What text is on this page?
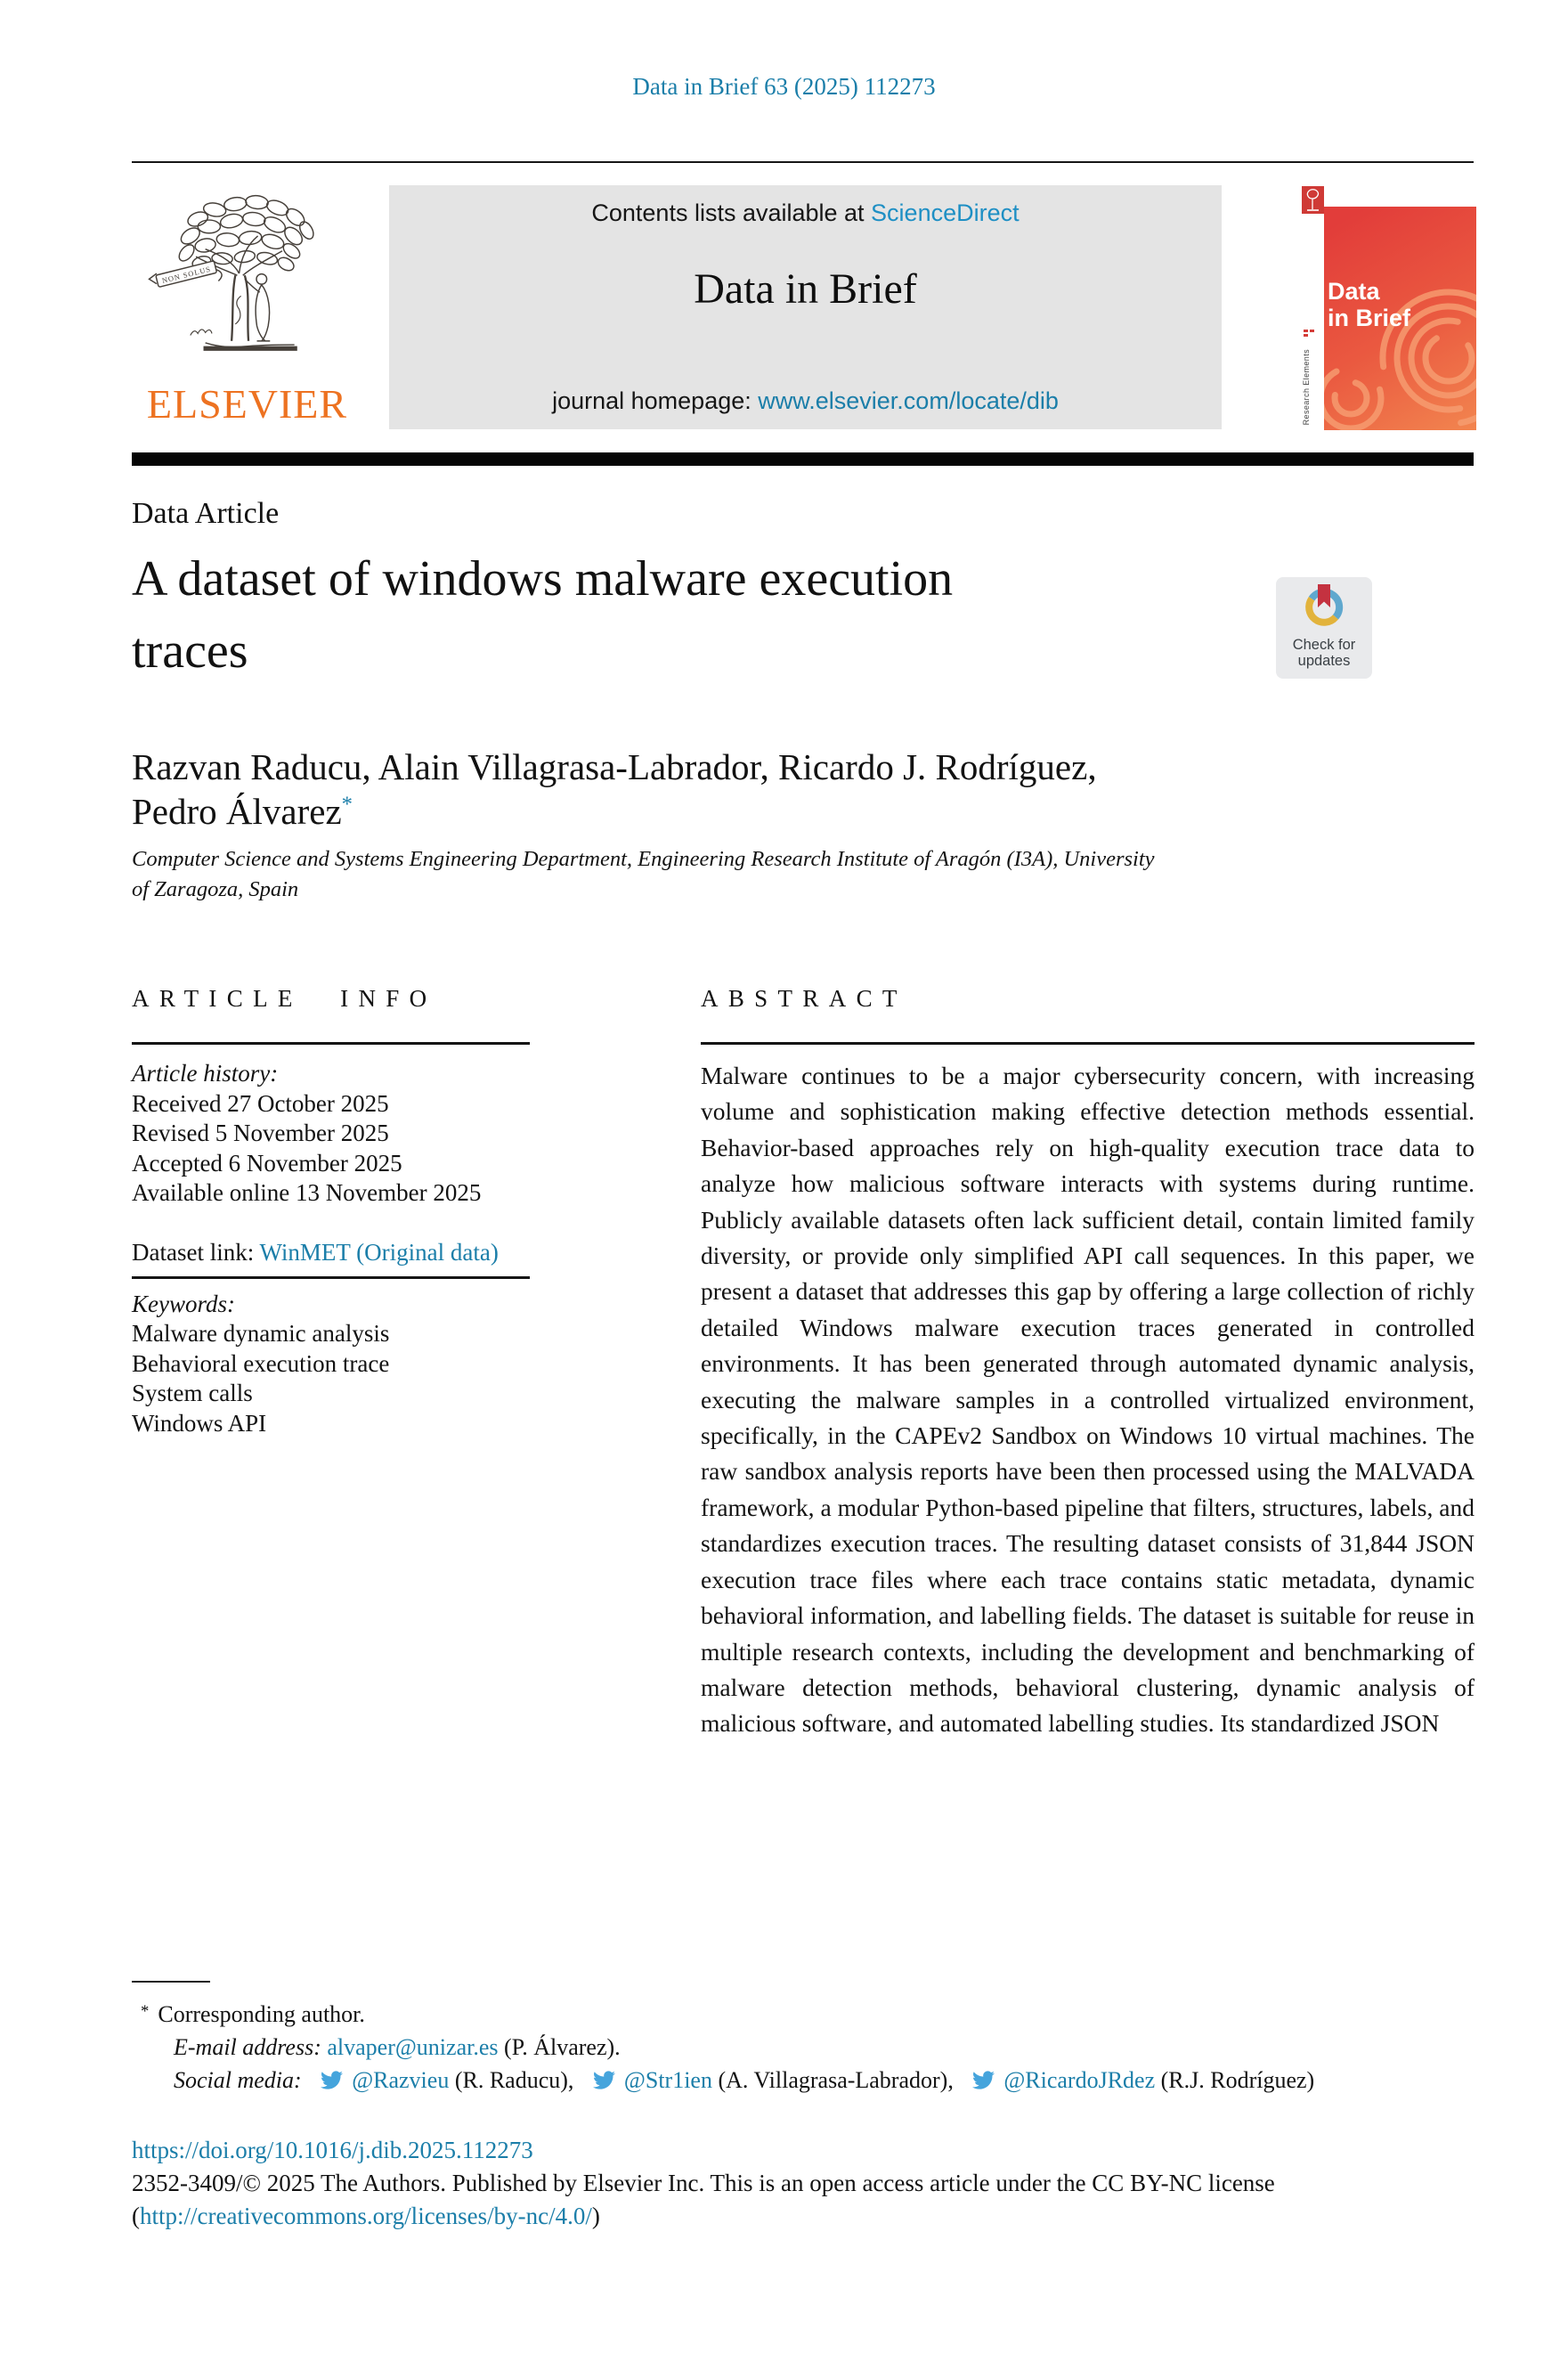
Data in Brief 63 (2025) 112273
NON SOLUS
ELSEVIER
Contents lists available at ScienceDirect
Data in Brief
journal homepage: www.elsevier.com/locate/dib	Research Elements
Data
in Brief
Data Article
A dataset of windows malware execution
traces	Check for
updates
Razvan Raducu, Alain Villagrasa-Labrador, Ricardo J. Rodríguez,
Pedro Álvarez*
Computer Science and Systems Engineering Department, Engineering Research Institute of Aragón (I3A), University
of Zaragoza, Spain
ARTICLE INFO
Article history:
Received 27 October 2025
Revised 5 November 2025
Accepted 6 November 2025
Available online 13 November 2025
Dataset link: WinMET (Original data)
Keywords:
Malware dynamic analysis
Behavioral execution trace
System calls
Windows API
ABSTRACT
Malware continues to be a major cybersecurity concern, with increasing volume and sophistication making effective detection methods essential. Behavior-based approaches rely on high-quality execution trace data to analyze how malicious software interacts with systems during runtime. Publicly available datasets often lack sufficient detail, contain limited family diversity, or provide only simplified API call sequences. In this paper, we present a dataset that addresses this gap by offering a large collection of richly detailed Windows malware execution traces generated in controlled environments. It has been generated through automated dynamic analysis, executing the malware samples in a controlled virtualized environment, specifically, in the CAPEv2 Sandbox on Windows 10 virtual machines. The raw sandbox analysis reports have been then processed using the MALVADA framework, a modular Python-based pipeline that filters, structures, labels, and standardizes execution traces. The resulting dataset consists of 31,844 JSON execution trace files where each trace contains static metadata, dynamic behavioral information, and labelling fields. The dataset is suitable for reuse in multiple research contexts, including the development and benchmarking of malware detection methods, behavioral clustering, dynamic analysis of malicious software, and automated labelling studies. Its standardized JSON
* Corresponding author.
E-mail address: alvaper@unizar.es (P. Álvarez).
Social media: @Razvieu (R. Raducu), @Str1ien (A. Villagrasa-Labrador), @RicardoJRdez (R.J. Rodríguez)
https://doi.org/10.1016/j.dib.2025.112273
2352-3409/© 2025 The Authors. Published by Elsevier Inc. This is an open access article under the CC BY-NC license
(http://creativecommons.org/licenses/by-nc/4.0/)
